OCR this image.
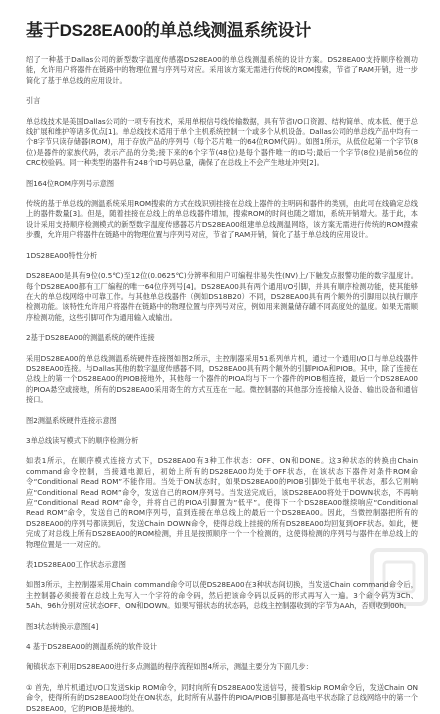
基于DS28EA00的单总线测温系统设计

绍了一种基于Dallas公司的新型数字温度传感器DS28EA00的单总线测温系统的设计方案。DS28EA00支持顺序检测功能，允许用户将器件在链路中的物理位置与序列号对应。采用该方案无需进行传统的ROM搜索，节省了RAM开销，进一步简化了基于单总线的应用设计。

引言

单总线技术是美国Dallas公司的一项专有技术，采用单根信号线传输数据，具有节省I/O口资源、结构简单、成本低、便于总线扩展和维护等诸多优点[1]。单总线技术适用于单个主机系统控制一个或多个从机设备。Dallas公司的单总线产品中均有一个8字节只读存储器(ROM)，用于存放产品的序列号（每个芯片唯一的64位ROM代码）。如图1所示，从低位起第一个字节(8位)是器件的家族代码，表示产品的分类;接下来的6个字节(48位)是每个器件唯一的ID号;最后一个字节(8位)是前56位的CRC校验码。同一种类型的器件有248个ID号码总量，确保了在总线上不会产生地址冲突[2]。

图164位ROM序列号示意图

传统的基于单总线的测温系统采用ROM搜索的方式在线识别挂接在总线上器件的主明码和器件的类别，由此可在线确定总线上的器件数量[3]。但是，随着挂接在总线上的单总线器件增加，搜索ROM的时间也随之增加，系统开销增大。基于此，本设计采用支持顺序检测模式的新型数字温度传感器芯片DS28EA00组建单总线测温网络，该方案无需进行传统的ROM搜索步骤，允许用户将器件在链路中的物理位置与序列号对应，节省了RAM开销，简化了基于单总线的应用设计。

1DS28EA00特性分析

DS28EA00是具有9位(0.5℃)至12位(0.0625℃)分辨率和用户可编程非易失性(NV)上/下触发点报警功能的数字温度计。每个DS28EA00都有工厂编程的唯一64位序列号[4]。DS28EA00具有两个通用I/O引脚，并具有顺序检测功能，使其能够在大的单总线网络中可靠工作。与其他单总线器件（例如DS18B20）不同，DS28EA00具有两个额外的引脚用以执行顺序检测功能。该特性允许用户将器件在链路中的物理位置与序列号对应，例如用来测量储存罐不同高度处的温度。如果无需顺序检测功能，这些引脚可作为通用输入或输出。

2基于DS28EA00的测温系统的硬件连接

采用DS28EA00的单总线测温系统硬件连接图如图2所示，主控制器采用51系列单片机，通过一个通用I/O口与单总线器件DS28EA00连接。与Dallas其他的数字温度传感器不同，DS28EA00具有两个额外的引脚PIOA和PIOB。其中，除了连接在总线上的第一个DS28EA00的PIOB接地外，其他每一个器件的PIOA均与下一个器件的PIOB相连接，最后一个DS28EA00的PIOA悬空或接地，所有的DS28EA00采用寄生的方式互连在一起。微控制器的其他部分连接输入设备、输出设备和通信接口。

图2测温系统硬件连接示意图

3单总线读写模式下的顺序检测分析

如表1所示，在顺序模式连接方式下，DS28EA00有3种工作状态：OFF、ON和DONE。这3种状态的转换由Chain command命令控制，当接通电源后，初始上所有的DS28EA00均处于OFF状态，在该状态下器件对条件ROM命令“Conditional Read ROM”不能作用。当处于ON状态时，如果DS28EA00的PIOB引脚处于低电平状态，那么它则响应“Conditional Read ROM”命令，发送自己的ROM序列号。当发送完成后，该DS28EA00将处于DOWN状态，不再响应“Conditional Read ROM”命令，并将自己的PIOA引脚置为“低平”。使得下一个DS28EA00继续响应“Conditional Read ROM”命令，发送自己的ROM序列号，直到连接在单总线上的最后一个DS28EA00。因此，当微控制器把所有的DS28EA00的序列号都读到后，发送Chain DOWN命令，使得总线上挂接的所有DS28EA00均回复到OFF状态。如此，便完成了对总线上所有DS28EA00的ROM检测，并且是按照顺序一个一个检测的，这使得检测的序列号与器件在单总线上的物理位置是一一对应的。

表1DS28EA00工作状态示意图

如图3所示，主控制器采用Chain command命令可以使DS28EA00在3种状态间切换，当发送Chain command命令后，主控制器必须接着在总线上先写入一个字符的命令码，然后把该命令码以反码的形式再写入一遍。3个命令码为3Ch、5Ah、96h分别对应状态OFF、ON和DOWN。如果写错状态的状态码，总线主控制器收到的字节为AAh，否则收到00h。

图3状态转换示意图[4]

4 基于DS28EA00的测温系统的软件设计

匍镇状态下利用DS28EA00进行多点测温的程序流程如图4所示，测温主要分为下面几步：

① 首先，单片机通过I/O口发送Skip ROM命令，同时向所有DS28EA00发送信号，接着Skip ROM命令后，发送Chain ON命令，使得所有的DS28EA00均处在ON状态，此时所有从器件的PIOA/PIOB引脚都是高电平状态除了总线网络中的第一个DS28EA00，它的PIOB是接地的。
